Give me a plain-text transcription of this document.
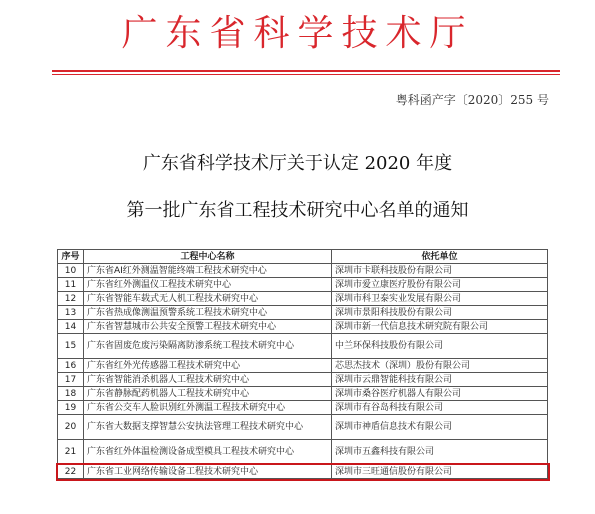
广东省科学技术厅
粤科函产字〔2020〕255 号
广东省科学技术厅关于认定 2020 年度
第一批广东省工程技术研究中心名单的通知
序号	工程中心名称	依托单位
10	广东省AI红外测温智能终端工程技术研究中心	深圳市卡联科技股份有限公司
11	广东省红外测温仪工程技术研究中心	深圳市爱立康医疗股份有限公司
12	广东省智能车载式无人机工程技术研究中心	深圳市科卫泰实业发展有限公司
13	广东省热成像测温预警系统工程技术研究中心	深圳市景阳科技股份有限公司
14	广东省智慧城市公共安全预警工程技术研究中心	深圳市新一代信息技术研究院有限公司
15	广东省固废危废污染隔离防渗系统工程技术研究中心	中兰环保科技股份有限公司
16	广东省红外光传感器工程技术研究中心	芯思杰技术（深圳）股份有限公司
17	广东省智能消杀机器人工程技术研究中心	深圳市云鼎智能科技有限公司
18	广东省静脉配药机器人工程技术研究中心	深圳市桑谷医疗机器人有限公司
19	广东省公交车人脸识别红外测温工程技术研究中心	深圳市有谷岛科技有限公司
20	广东省大数据支撑智慧公安执法管理工程技术研究中心	深圳市神盾信息技术有限公司
21	广东省红外体温检测设备成型模具工程技术研究中心	深圳市五鑫科技有限公司
22	广东省工业网络传输设备工程技术研究中心	深圳市三旺通信股份有限公司
